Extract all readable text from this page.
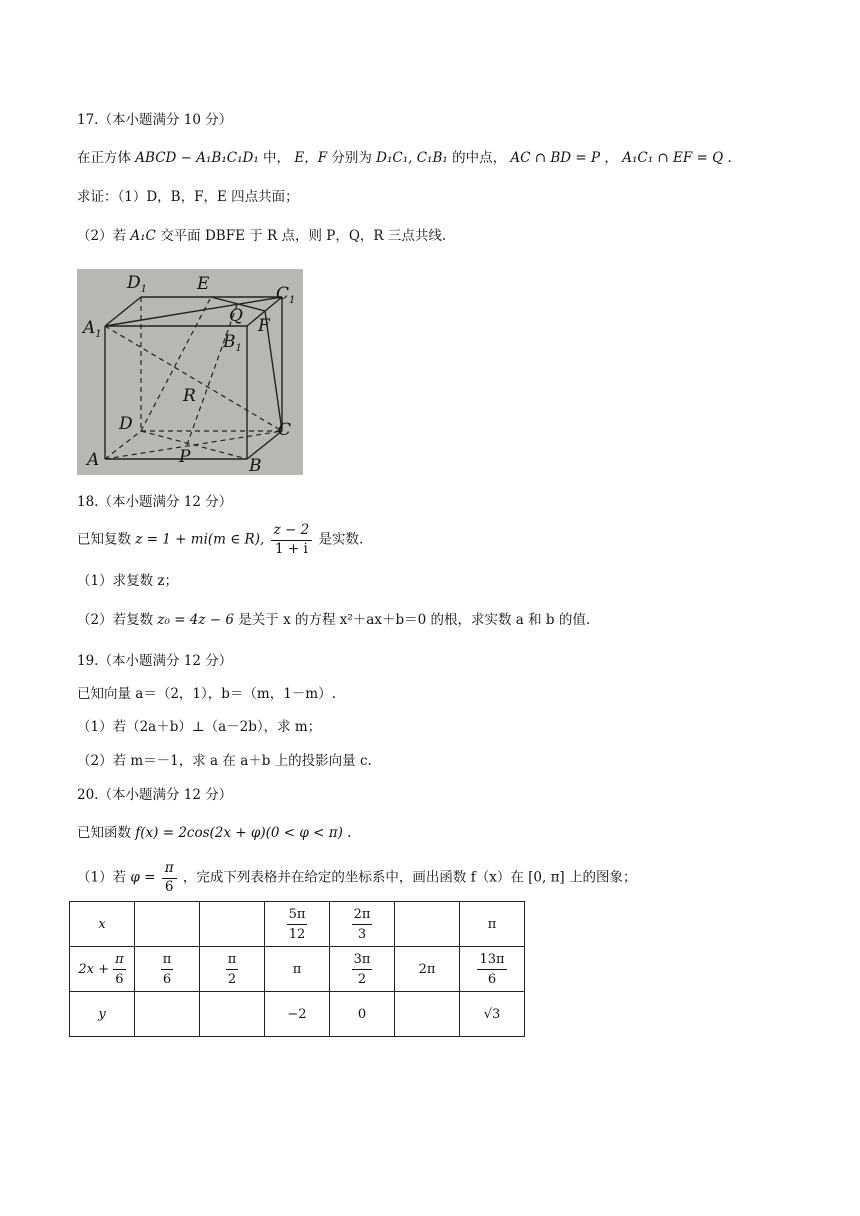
17.（本小题满分 10 分）
在正方体 ABCD − A₁B₁C₁D₁ 中， E，F 分别为 D₁C₁, C₁B₁ 的中点， AC ∩ BD = P ， A₁C₁ ∩ EF = Q .
求证：（1）D，B，F，E 四点共面；
（2）若 A₁C 交平面 DBFE 于 R 点，则 P，Q，R 三点共线.
$D_1$	E	$C_1$
$A_1$
Q F
$B_1$
R
D	C
A	P	B
18.（本小题满分 12 分）
已知复数 z = 1 + mi(m ∈ R), $\frac{z - 2}{1 + i}$ 是实数.
（1）求复数 z；
（2）若复数 z₀ = 4z − 6 是关于 x 的方程 x²＋ax＋b＝0 的根，求实数 a 和 b 的值.
19.（本小题满分 12 分）
已知向量 a＝（2，1），b＝（m，1－m）.
（1）若（2a＋b）⊥（a－2b），求 m；
（2）若 m＝－1，求 a 在 a＋b 上的投影向量 c.
20.（本小题满分 12 分）
已知函数 f(x) = 2cos(2x + φ)(0 < φ < π) .
（1）若 $\varphi = \frac{\pi}{6}$ ，完成下列表格并在给定的坐标系中，画出函数 f（x）在 [0, π] 上的图象；
x			$\frac{5\pi}{12}$	$\frac{2\pi}{3}$		π
$2x + \frac{\pi}{6}$	$\frac{\pi}{6}$	$\frac{\pi}{2}$	π	$\frac{3\pi}{2}$	2π	$\frac{13\pi}{6}$

y			−2	0		√3
